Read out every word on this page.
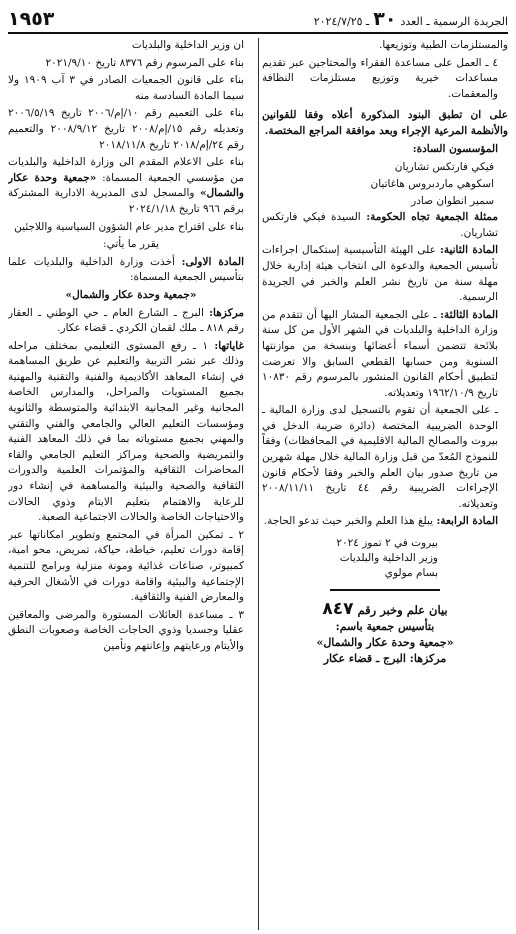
الجريدة الرسمية ـ العدد
٣٠
ـ ٢٠٢٤/٧/٢٥
١٩٥٣

والمستلزمات الطبية وتوزيعها.

٤ ـ العمل على مساعدة الفقراء والمحتاجين عبر تقديم مساعدات خيرية وتوزيع مستلزمات النظافة والمعقمات.

على ان تطبق البنود المذكورة أعلاه وفقا للقوانين والأنظمة المرعية الإجراء وبعد موافقة المراجع المختصة.

المؤسسون السادة:

فيكي فارتكس تشاريان
اسكوهي ماردبروس هاغاتيان
سمير انطوان صادر

ممثلة الجمعية تجاه الحكومة: السيدة فيكي فارتكس تشاريان.

المادة الثانية: على الهيئة التأسيسية إستكمال اجراءات تأسيس الجمعية والدعوة الى انتخاب هيئة إدارية خلال مهلة سنة من تاريخ نشر العلم والخبر في الجريدة الرسمية.

المادة الثالثة: ـ على الجمعية المشار اليها أن تتقدم من وزارة الداخلية والبلديات في الشهر الأول من كل سنة بلائحة تتضمن أسماء أعضائها وبنسخة من موازنتها السنوية ومن حسابها القطعي السابق والا تعرضت لتطبيق أحكام القانون المنشور بالمرسوم رقم ١٠٨٣٠ تاريخ ١٩٦٢/١٠/٩ وتعديلاته.

ـ على الجمعية أن تقوم بالتسجيل لدى وزارة المالية ـ الوحدة الضريبية المختصة (دائرة ضريبة الدخل في بيروت والمصالح المالية الاقليمية في المحافظات) وفقاً للنموذج المُعدّ من قبل وزارة المالية خلال مهلة شهرين من تاريخ صدور بيان العلم والخبر وفقا لأحكام قانون الإجراءات الضريبية رقم ٤٤ تاريخ ٢٠٠٨/١١/١١ وتعديلاته.

المادة الرابعة: يبلغ هذا العلم والخبر حيث تدعو الحاجة.

بيروت في ٢ تموز ٢٠٢٤
وزير الداخلية والبلديات
بسام مولوي
بيان علم وخبر رقم ٨٤٧
بتأسيس جمعية باسم:
«جمعية وحدة عكار والشمال»
مركزها: البرج ـ قضاء عكار

ان وزير الداخلية والبلديات

بناء على المرسوم رقم ٨٣٧٦ تاريخ ٢٠٢١/٩/١٠

بناء على قانون الجمعيات الصادر في ٣ آب ١٩٠٩ ولا سيما المادة السادسة منه

بناء على التعميم رقم ١٠/إم/٢٠٠٦ تاريخ ٢٠٠٦/٥/١٩ وتعديله رقم ١٥/إم/٢٠٠٨ تاريخ ٢٠٠٨/٩/١٢ والتعميم رقم ٢٤/إم/٢٠١٨ تاريخ ٢٠١٨/١١/٨

بناء على الاعلام المقدم الى وزارة الداخلية والبلديات من مؤسسي الجمعية المسماة: «جمعية وحدة عكار والشمال» والمسجل لدى المديرية الادارية المشتركة برقم ٩٦٦ تاريخ ٢٠٢٤/١/١٨

بناء على اقتراح مدير عام الشؤون السياسية واللاجئين

يقرر ما يأتي:

المادة الاولى: أخذت وزارة الداخلية والبلديات علما بتأسيس الجمعية المسماة:

«جمعية وحدة عكار والشمال»

مركزها: البرج ـ الشارع العام ـ حي الوطني ـ العقار رقم ٨١٨ ـ ملك لقمان الكردي ـ قضاء عكار.

غاياتها: ١ ـ رفع المستوى التعليمي بمختلف مراحله وذلك عبر نشر التربية والتعليم عن طريق المساهمة في إنشاء المعاهد الأكاديمية والفنية والتقنية والمهنية بجميع المستويات والمراحل، والمدارس الخاصة المجانية وغير المجانية الابتدائية والمتوسطة والثانوية ومؤسسات التعليم العالي والجامعي والفني والتقني والمهني بجميع مستوياته بما في ذلك المعاهد الفنية والتمريضية والصحية ومراكز التعليم الجامعي والقاء المحاضرات الثقافية والمؤتمرات العلمية والدورات الثقافية والصحية والبيئية والمساهمة في إنشاء دور للرعاية والاهتمام بتعليم الايتام وذوي الحالات والاحتياجات الخاصة والحالات الاجتماعية الصعبة.

٢ ـ تمكين المرأة في المجتمع وتطوير امكاناتها عبر إقامة دورات تعليم، خياطة، حياكة، تمريض، محو امية، كمبيوتر، صناعات غذائية ومونة منزلية وبرامج للتنمية الإجتماعية والبيئية واقامة دورات في الأشغال الحرفية والمعارض الفنية والثقافية.

٣ ـ مساعدة العائلات المستورة والمرضى والمعاقين عقليا وجسديا وذوي الحاجات الخاصة وصعوبات النطق والأيتام ورعايتهم وإعانتهم وتأمين
